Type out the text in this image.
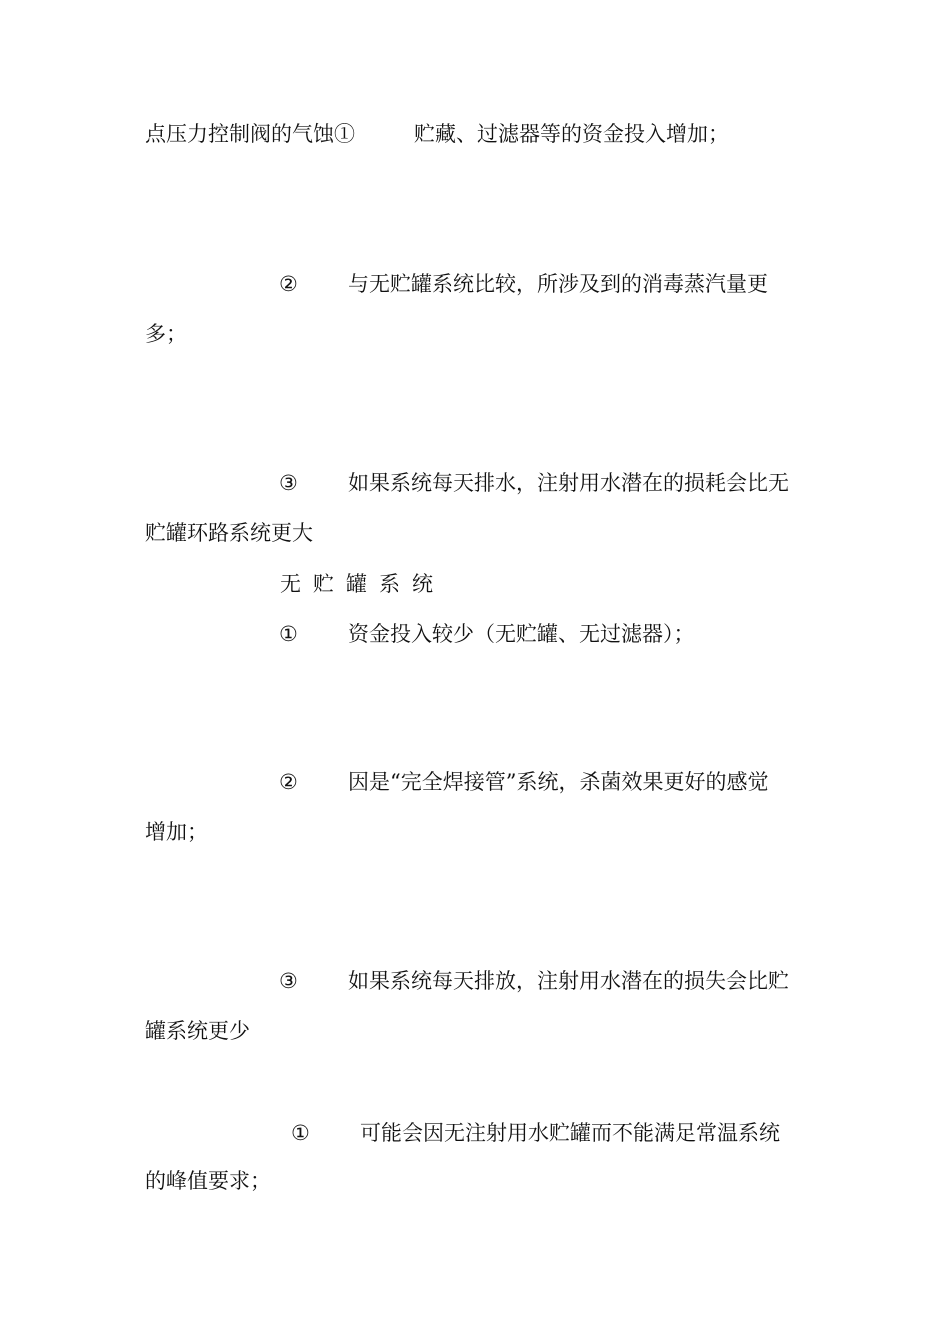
点压力控制阀的气蚀①	贮藏、过滤器等的资金投入增加；
② 与无贮罐系统比较，所涉及到的消毒蒸汽量更
多；
③ 如果系统每天排水，注射用水潜在的损耗会比无
贮罐环路系统更大
无贮罐系统
① 资金投入较少（无贮罐、无过滤器）；
② 因是“完全焊接管”系统，杀菌效果更好的感觉
增加；
③ 如果系统每天排放，注射用水潜在的损失会比贮
罐系统更少
① 可能会因无注射用水贮罐而不能满足常温系统
的峰值要求；
